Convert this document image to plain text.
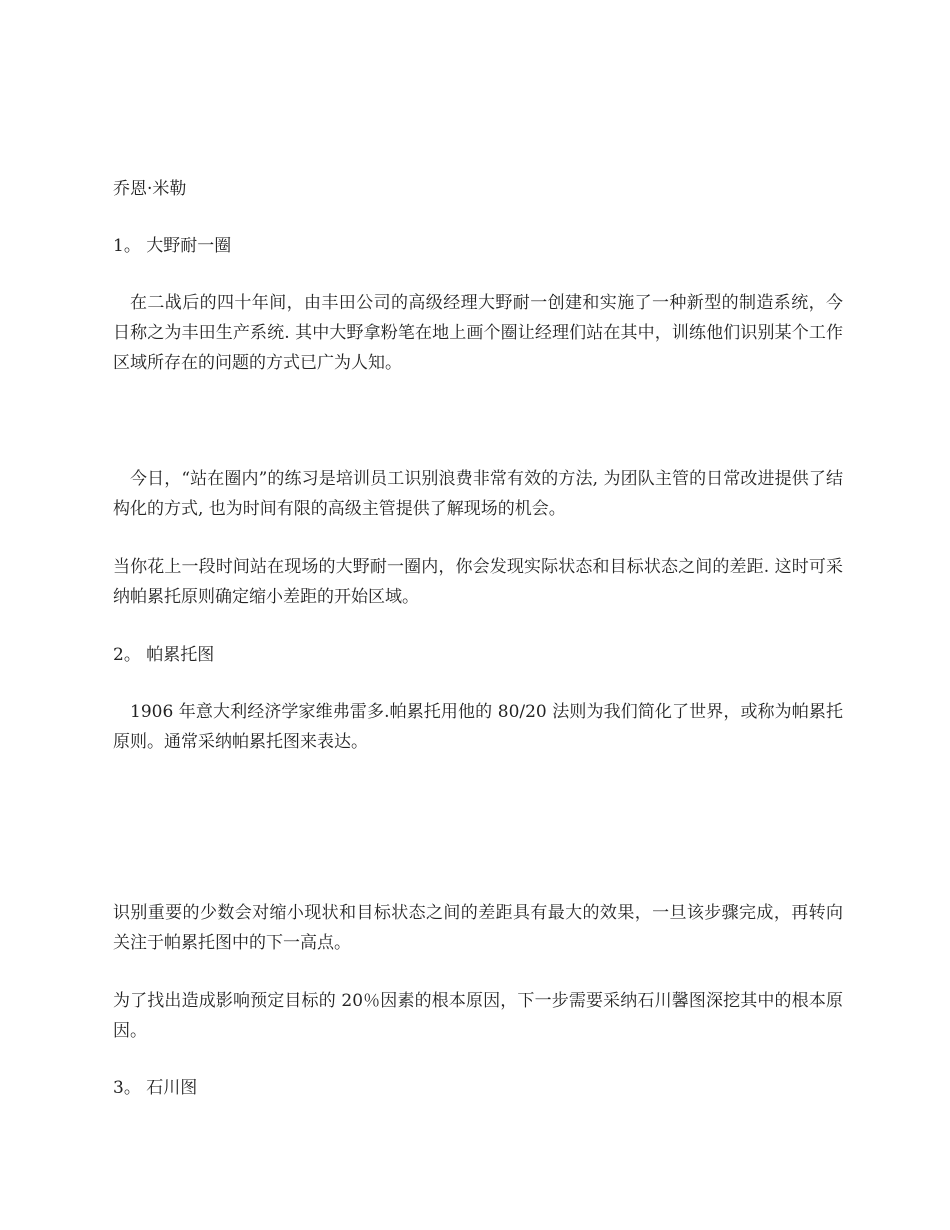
乔恩·米勒

1。 大野耐一圈

在二战后的四十年间，由丰田公司的高级经理大野耐一创建和实施了一种新型的制造系统，今日称之为丰田生产系统. 其中大野拿粉笔在地上画个圈让经理们站在其中，训练他们识别某个工作区域所存在的问题的方式已广为人知。

今日，“站在圈内”的练习是培训员工识别浪费非常有效的方法, 为团队主管的日常改进提供了结构化的方式, 也为时间有限的高级主管提供了解现场的机会。

当你花上一段时间站在现场的大野耐一圈内，你会发现实际状态和目标状态之间的差距. 这时可采纳帕累托原则确定缩小差距的开始区域。

2。 帕累托图

1906 年意大利经济学家维弗雷多.帕累托用他的 80/20 法则为我们简化了世界，或称为帕累托原则。通常采纳帕累托图来表达。

识别重要的少数会对缩小现状和目标状态之间的差距具有最大的效果，一旦该步骤完成，再转向关注于帕累托图中的下一高点。

为了找出造成影响预定目标的 20％因素的根本原因，下一步需要采纳石川馨图深挖其中的根本原因。

3。 石川图
